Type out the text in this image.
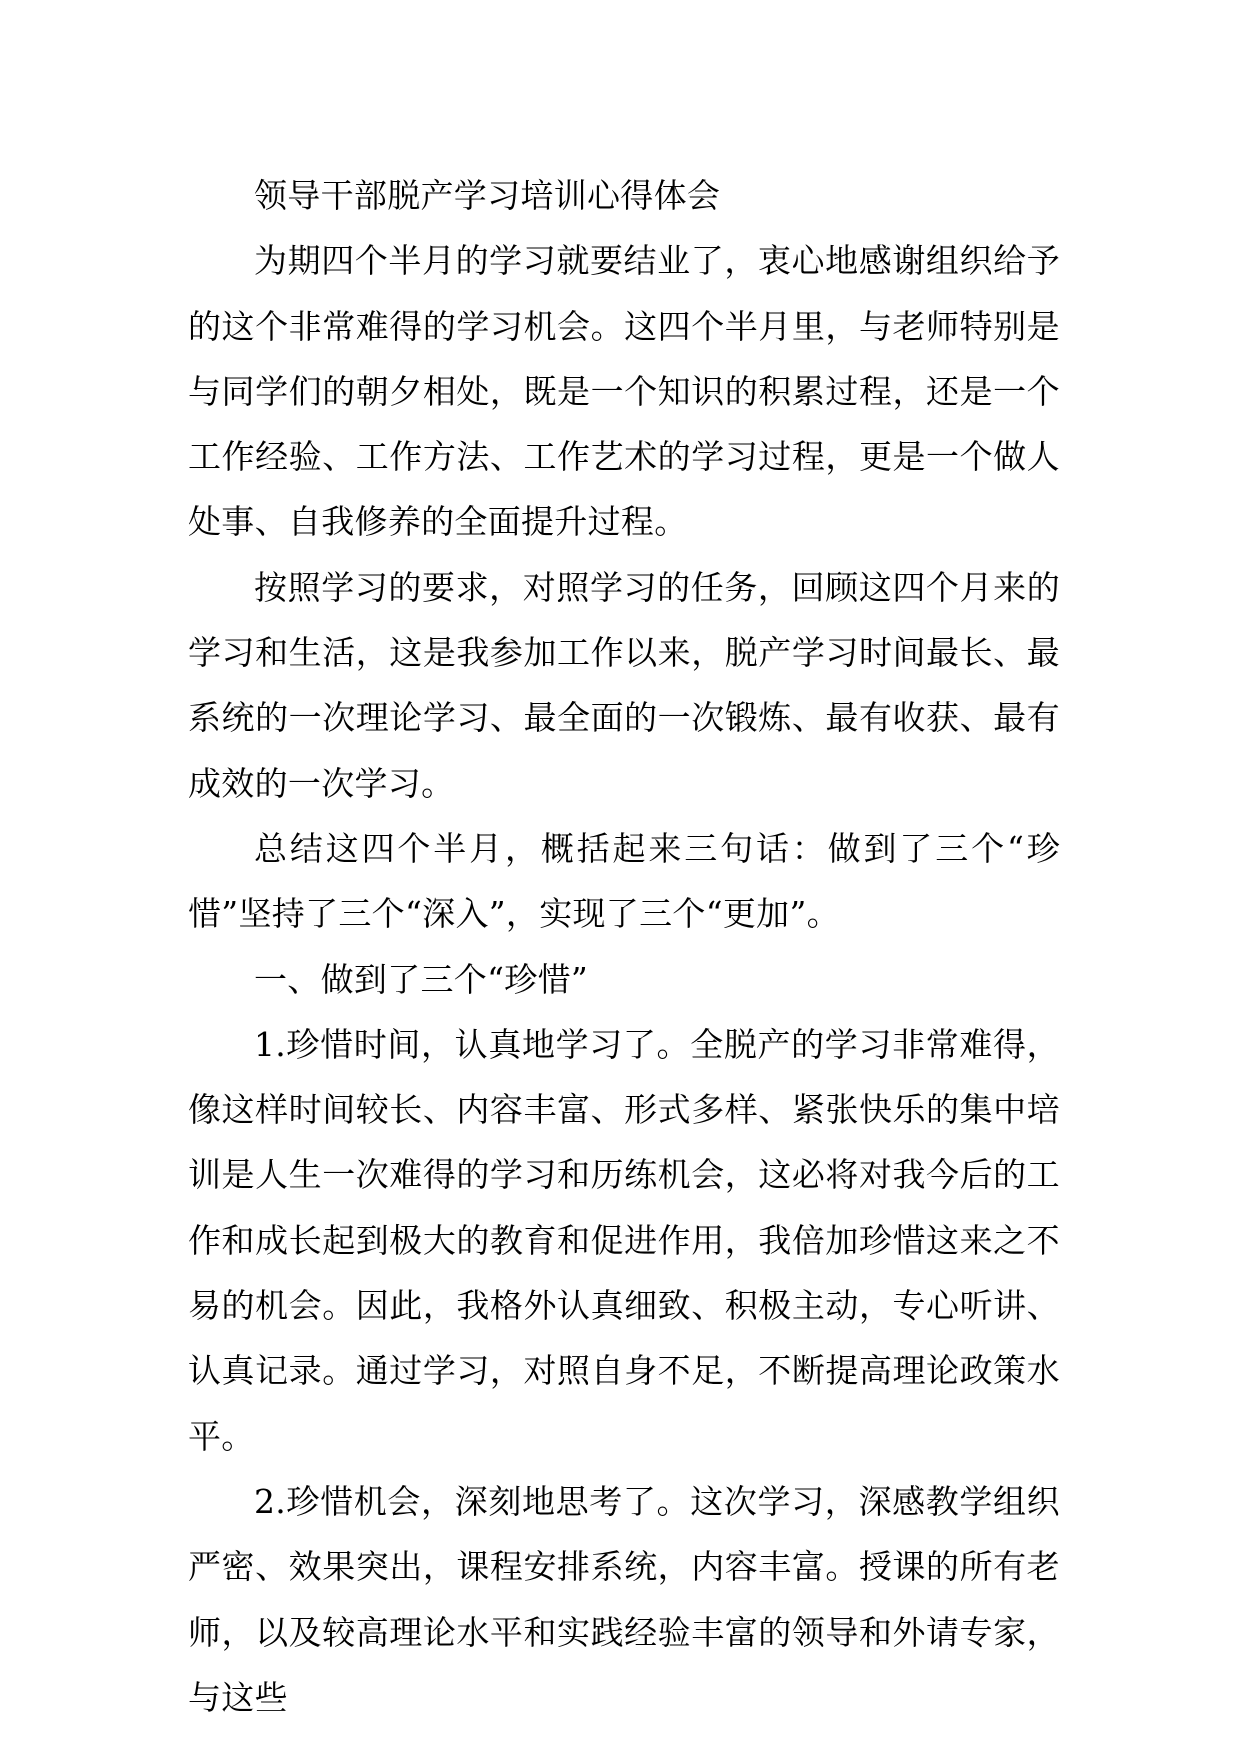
领导干部脱产学习培训心得体会

为期四个半月的学习就要结业了，衷心地感谢组织给予的这个非常难得的学习机会。这四个半月里，与老师特别是与同学们的朝夕相处，既是一个知识的积累过程，还是一个工作经验、工作方法、工作艺术的学习过程，更是一个做人处事、自我修养的全面提升过程。

按照学习的要求，对照学习的任务，回顾这四个月来的学习和生活，这是我参加工作以来，脱产学习时间最长、最系统的一次理论学习、最全面的一次锻炼、最有收获、最有成效的一次学习。

总结这四个半月，概括起来三句话：做到了三个“珍惜”坚持了三个“深入”，实现了三个“更加”。

一、做到了三个“珍惜”

1.珍惜时间，认真地学习了。全脱产的学习非常难得，像这样时间较长、内容丰富、形式多样、紧张快乐的集中培训是人生一次难得的学习和历练机会，这必将对我今后的工作和成长起到极大的教育和促进作用，我倍加珍惜这来之不易的机会。因此，我格外认真细致、积极主动，专心听讲、认真记录。通过学习，对照自身不足，不断提高理论政策水平。

2.珍惜机会，深刻地思考了。这次学习，深感教学组织严密、效果突出，课程安排系统，内容丰富。授课的所有老师，以及较高理论水平和实践经验丰富的领导和外请专家，与这些
